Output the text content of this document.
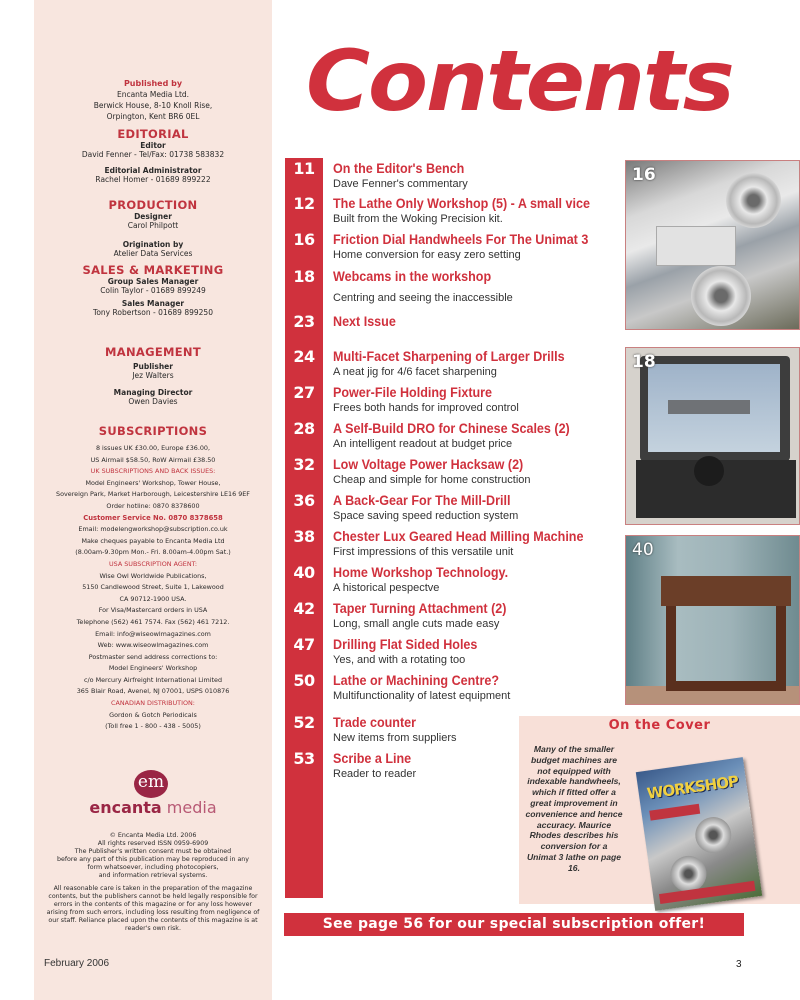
Published by
Encanta Media Ltd.
Berwick House, 8-10 Knoll Rise,
Orpington, Kent BR6 0EL
EDITORIAL
Editor
David Fenner - Tel/Fax: 01738 583832
Editorial Administrator
Rachel Homer - 01689 899222
PRODUCTION
Designer
Carol Philpott
Origination by
Atelier Data Services
SALES & MARKETING
Group Sales Manager
Colin Taylor - 01689 899249
Sales Manager
Tony Robertson - 01689 899250
MANAGEMENT
Publisher
Jez Walters
Managing Director
Owen Davies
SUBSCRIPTIONS
8 issues UK £30.00, Europe £36.00,
US Airmail $58.50, RoW Airmail £38.50
UK SUBSCRIPTIONS AND BACK ISSUES:
Model Engineers' Workshop, Tower House,
Sovereign Park, Market Harborough, Leicestershire LE16 9EF
Order hotline: 0870 8378600
Customer Service No. 0870 8378658
Email: modelengworkshop@subscription.co.uk
Make cheques payable to Encanta Media Ltd
(8.00am-9.30pm Mon.- Fri. 8.00am-4.00pm Sat.)
USA SUBSCRIPTION AGENT:
Wise Owl Worldwide Publications,
5150 Candlewood Street, Suite 1, Lakewood
CA 90712-1900 USA.
For Visa/Mastercard orders in USA
Telephone (562) 461 7574. Fax (562) 461 7212.
Email: info@wiseowlmagazines.com
Web: www.wiseowlmagazines.com
Postmaster send address corrections to:
Model Engineers' Workshop
c/o Mercury Airfreight International Limited
365 Blair Road, Avenel, NJ 07001, USPS 010876
CANADIAN DISTRIBUTION:
Gordon & Gotch Periodicals
(Toll free 1 - 800 - 438 - 5005)
em
encanta media
© Encanta Media Ltd. 2006
All rights reserved ISSN 0959-6909
The Publisher's written consent must be obtained
before any part of this publication may be reproduced in any
form whatsoever, including photocopiers,
and information retrieval systems.
All reasonable care is taken in the preparation of the magazine
contents, but the publishers cannot be held legally responsible for
errors in the contents of this magazine or for any loss however
arising from such errors, including loss resulting from negligence of
our staff. Reliance placed upon the contents of this magazine is at
reader's own risk.
February 2006
Contents
11	On the Editor's Bench
Dave Fenner's commentary
12	The Lathe Only Workshop (5) - A small vice
Built from the Woking Precision kit.
16	Friction Dial Handwheels For The Unimat 3
Home conversion for easy zero setting
18	Webcams in the workshop
Centring and seeing the inaccessible
23	Next Issue
24	Multi-Facet Sharpening of Larger Drills
A neat jig for 4/6 facet sharpening
27	Power-File Holding Fixture
Frees both hands for improved control
28	A Self-Build DRO for Chinese Scales (2)
An intelligent readout at budget price
32	Low Voltage Power Hacksaw (2)
Cheap and simple for home construction
36	A Back-Gear For The Mill-Drill
Space saving speed reduction system
38	Chester Lux Geared Head Milling Machine
First impressions of this versatile unit
40	Home Workshop Technology.
A historical pespectve
42	Taper Turning Attachment (2)
Long, small angle cuts made easy
47	Drilling Flat Sided Holes
Yes, and with a rotating too
50	Lathe or Machining Centre?
Multifunctionality of latest equipment
52	Trade counter
New items from suppliers
53	Scribe a Line
Reader to reader
16
18
40
On the Cover
Many of the smaller budget machines are not equipped with indexable handwheels, which if fitted offer a great improvement in convenience and hence accuracy. Maurice Rhodes describes his conversion for a Unimat 3 lathe on page 16.
WORKSHOP
See page 56 for our special subscription offer!
3
